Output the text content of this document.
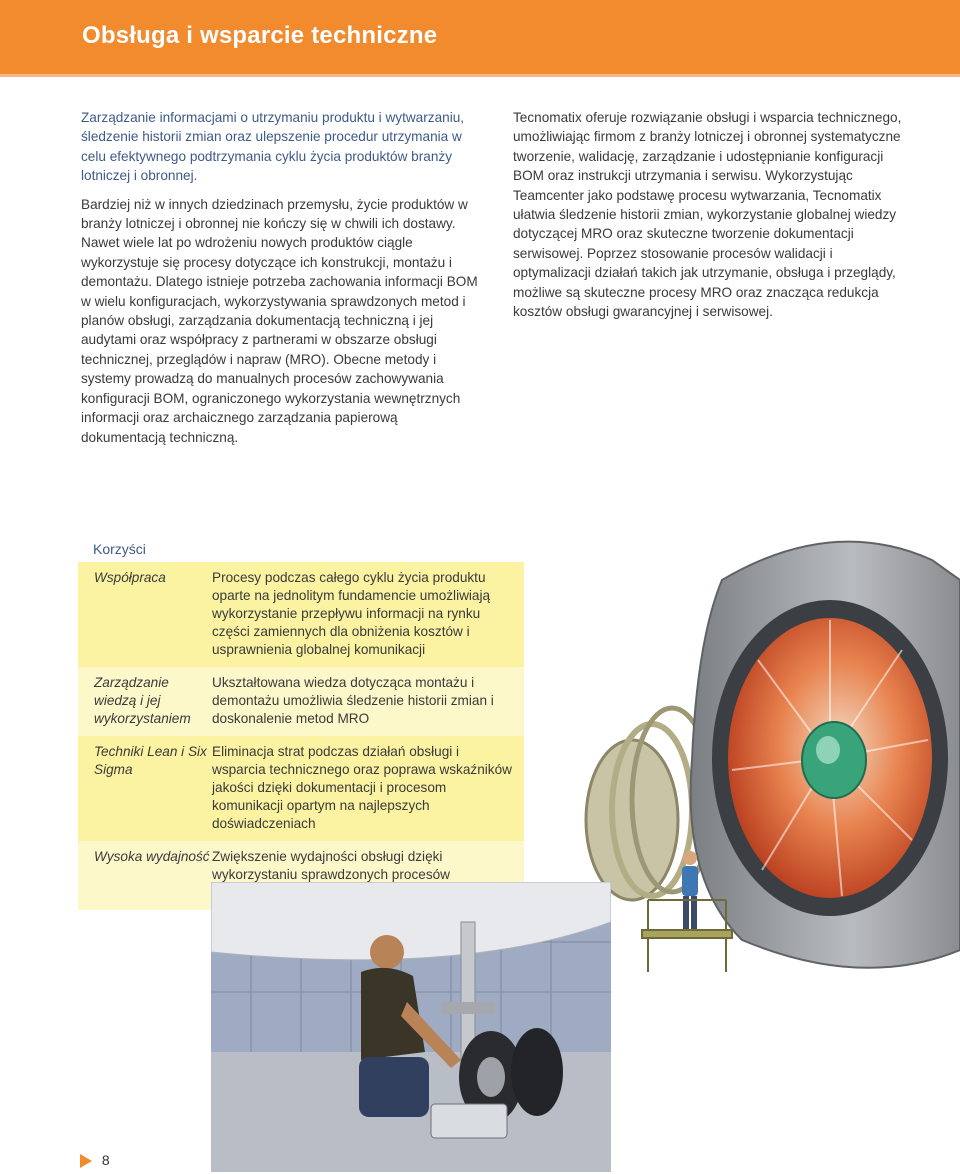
Obsługa i wsparcie techniczne

Zarządzanie informacjami o utrzymaniu produktu i wytwarzaniu, śledzenie historii zmian oraz ulepszenie procedur utrzymania w celu efektywnego podtrzymania cyklu życia produktów branży lotniczej i obronnej.

Bardziej niż w innych dziedzinach przemysłu, życie produktów w branży lotniczej i obronnej nie kończy się w chwili ich dostawy. Nawet wiele lat po wdrożeniu nowych produktów ciągle wykorzystuje się procesy dotyczące ich konstrukcji, montażu i demontażu. Dlatego istnieje potrzeba zachowania informacji BOM w wielu konfiguracjach, wykorzystywania sprawdzonych metod i planów obsługi, zarządzania dokumentacją techniczną i jej audytami oraz współpracy z partnerami w obszarze obsługi technicznej, przeglądów i napraw (MRO). Obecne metody i systemy prowadzą do manualnych procesów zachowywania konfiguracji BOM, ograniczonego wykorzystania wewnętrznych informacji oraz archaicznego zarządzania papierową dokumentacją techniczną.

Tecnomatix oferuje rozwiązanie obsługi i wsparcia technicznego, umożliwiając firmom z branży lotniczej i obronnej systematyczne tworzenie, walidację, zarządzanie i udostępnianie konfiguracji BOM oraz instrukcji utrzymania i serwisu. Wykorzystując Teamcenter jako podstawę procesu wytwarzania, Tecnomatix ułatwia śledzenie historii zmian, wykorzystanie globalnej wiedzy dotyczącej MRO oraz skuteczne tworzenie dokumentacji serwisowej. Poprzez stosowanie procesów walidacji i optymalizacji działań takich jak utrzymanie, obsługa i przeglądy, możliwe są skuteczne procesy MRO oraz znacząca redukcja kosztów obsługi gwarancyjnej i serwisowej.

Korzyści
Współpraca	Procesy podczas całego cyklu życia produktu oparte na jednolitym fundamencie umożliwiają wykorzystanie przepływu informacji na rynku części zamiennych dla obniżenia kosztów i usprawnienia globalnej komunikacji
Zarządzanie wiedzą i jej wykorzystaniem
Ukształtowana wiedza dotycząca montażu i demontażu umożliwia śledzenie historii zmian i doskonalenie metod MRO
Techniki Lean i Six Sigma
Eliminacja strat podczas działań obsługi i wsparcia technicznego oraz poprawa wskaźników jakości dzięki dokumentacji i procesom komunikacji opartym na najlepszych doświadczeniach
Wysoka wydajność Zwiększenie wydajności obsługi dzięki wykorzystaniu sprawdzonych procesów
8
